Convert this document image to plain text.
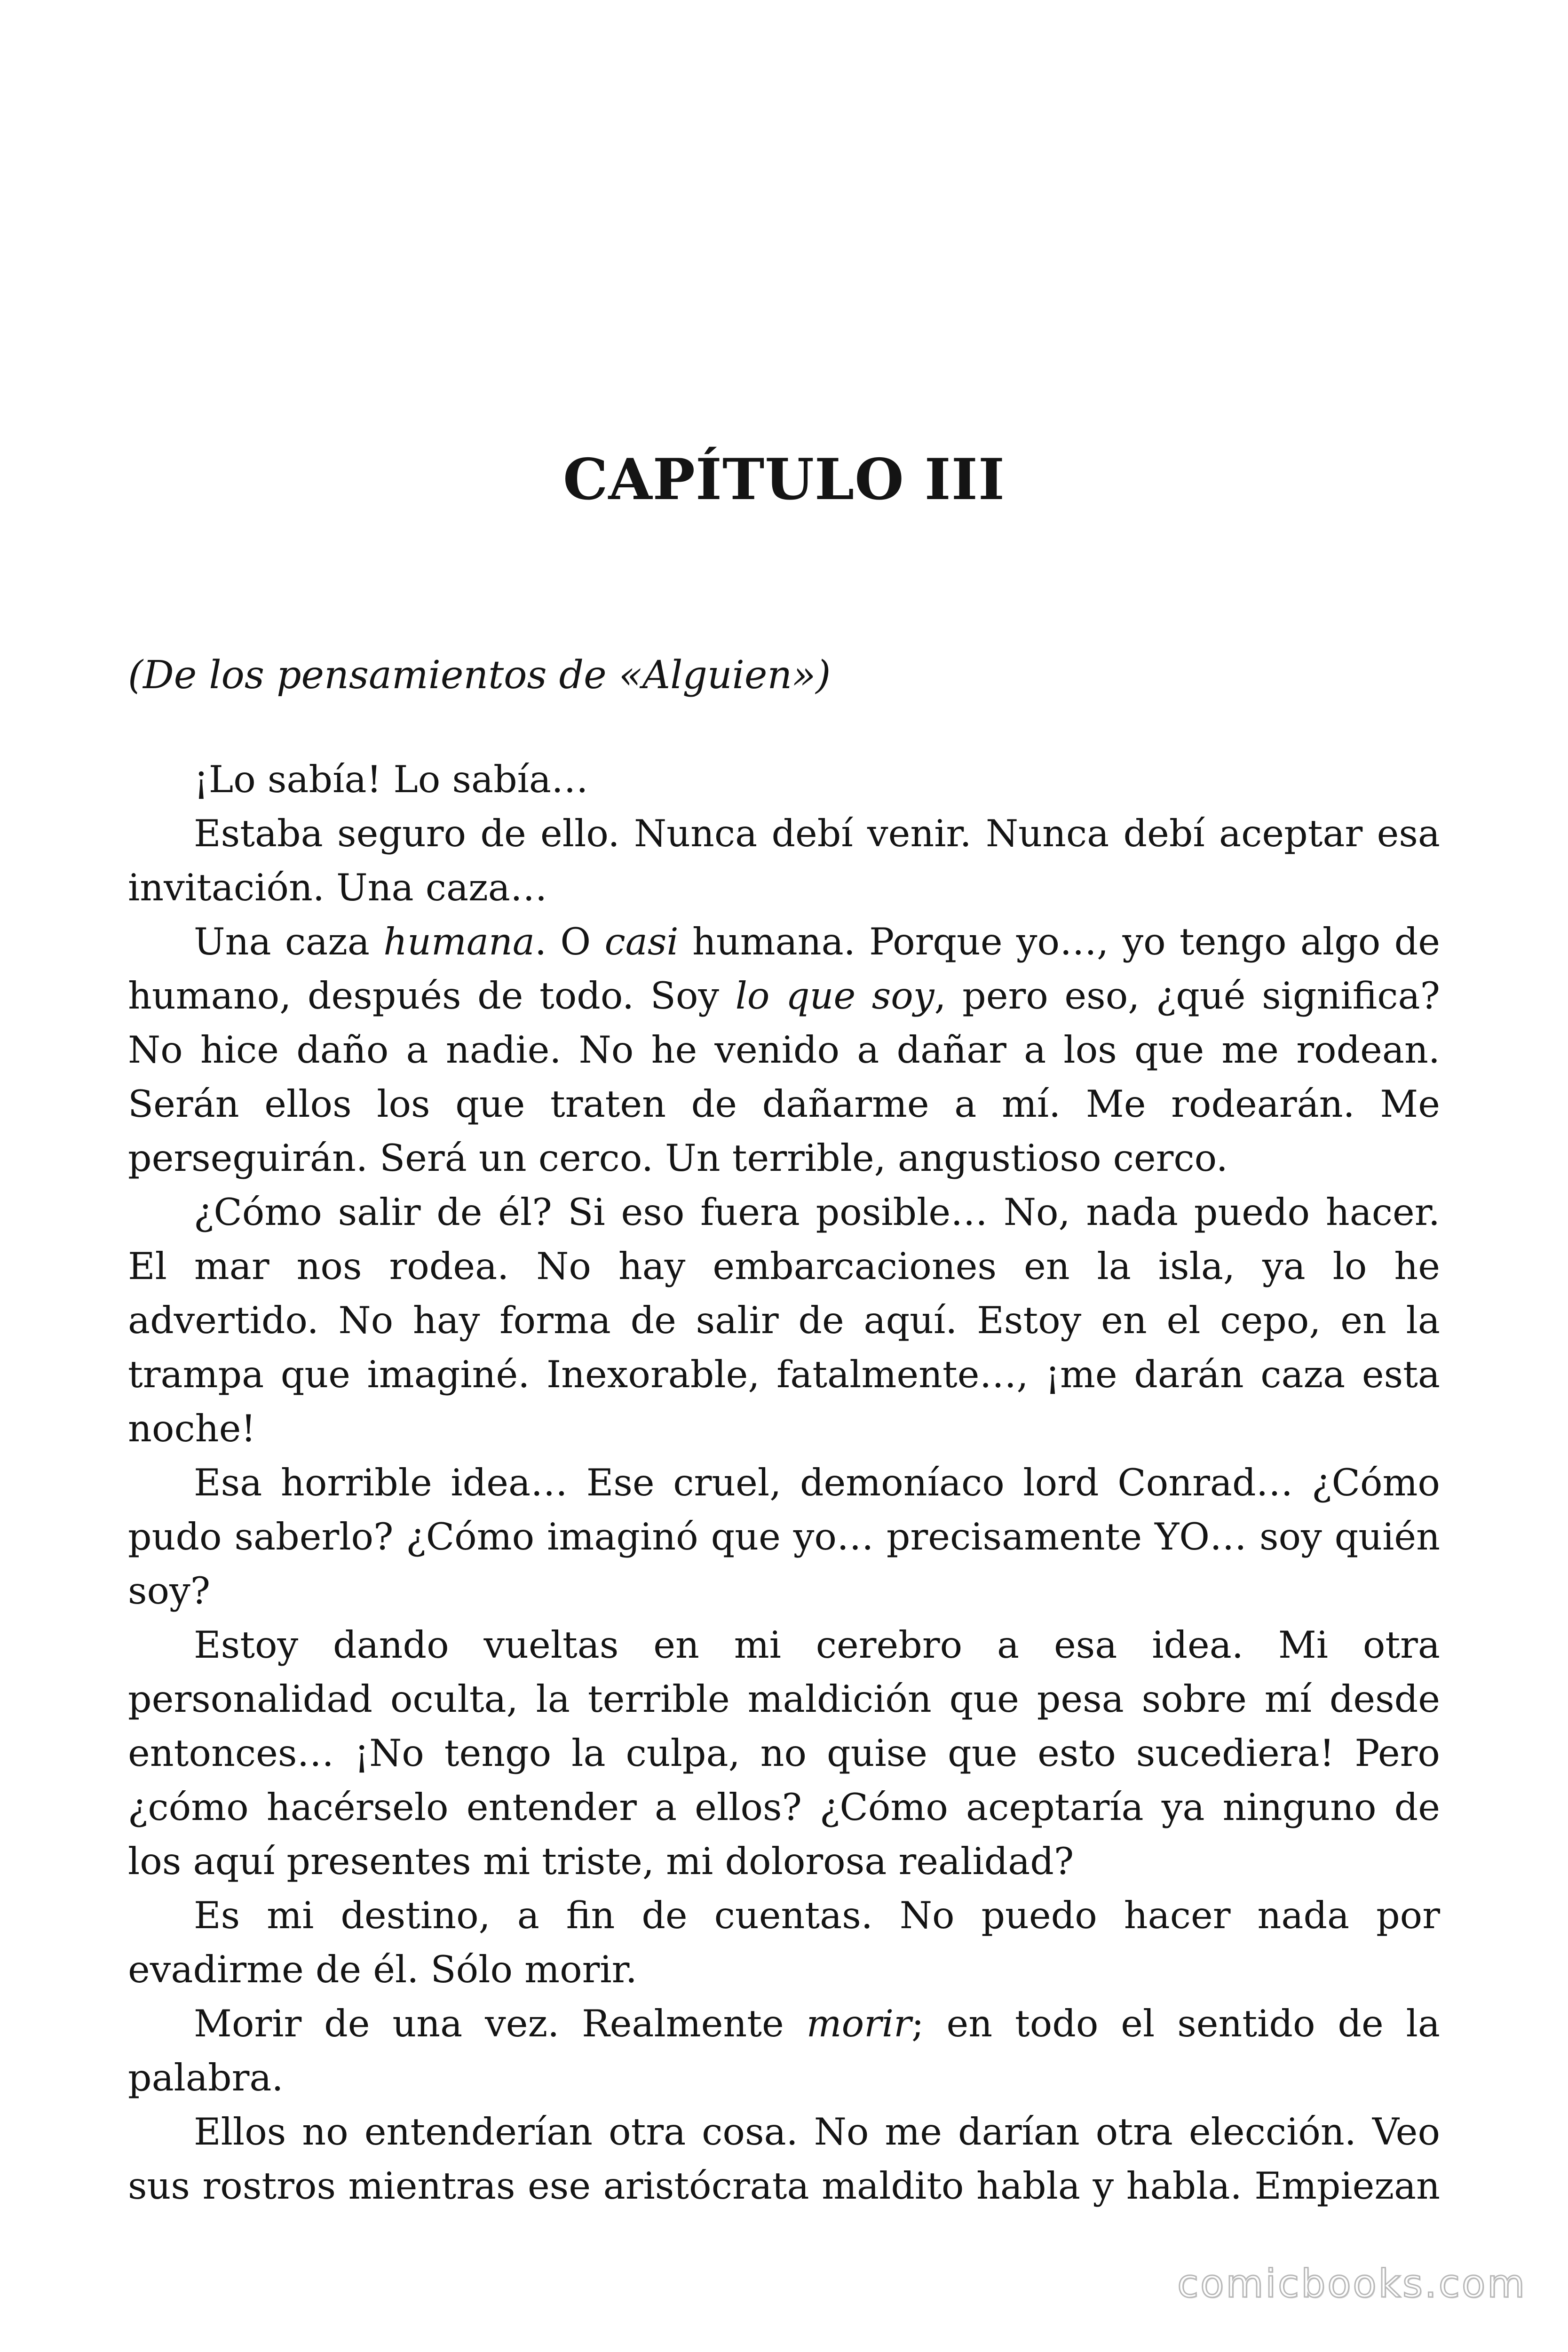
CAPÍTULO III
(De los pensamientos de «Alguien»)

¡Lo sabía! Lo sabía…

Estaba seguro de ello. Nunca debí venir. Nunca debí aceptar esa invitación. Una caza…

Una caza humana. O casi humana. Porque yo…, yo tengo algo de humano, después de todo. Soy lo que soy, pero eso, ¿qué significa? No hice daño a nadie. No he venido a dañar a los que me rodean. Serán ellos los que traten de dañarme a mí. Me rodearán. Me perseguirán. Será un cerco. Un terrible, angustioso cerco.

¿Cómo salir de él? Si eso fuera posible… No, nada puedo hacer. El mar nos rodea. No hay embarcaciones en la isla, ya lo he advertido. No hay forma de salir de aquí. Estoy en el cepo, en la trampa que imaginé. Inexorable, fatalmente…, ¡me darán caza esta noche!

Esa horrible idea… Ese cruel, demoníaco lord Conrad… ¿Cómo pudo saberlo? ¿Cómo imaginó que yo… precisamente YO… soy quién soy?

Estoy dando vueltas en mi cerebro a esa idea. Mi otra personalidad oculta, la terrible maldición que pesa sobre mí desde entonces… ¡No tengo la culpa, no quise que esto sucediera! Pero ¿cómo hacérselo entender a ellos? ¿Cómo aceptaría ya ninguno de los aquí presentes mi triste, mi dolorosa realidad?

Es mi destino, a fin de cuentas. No puedo hacer nada por evadirme de él. Sólo morir.

Morir de una vez. Realmente morir; en todo el sentido de la palabra.

Ellos no entenderían otra cosa. No me darían otra elección. Veo sus rostros mientras ese aristócrata maldito habla y habla. Empiezan

comicbooks.com
